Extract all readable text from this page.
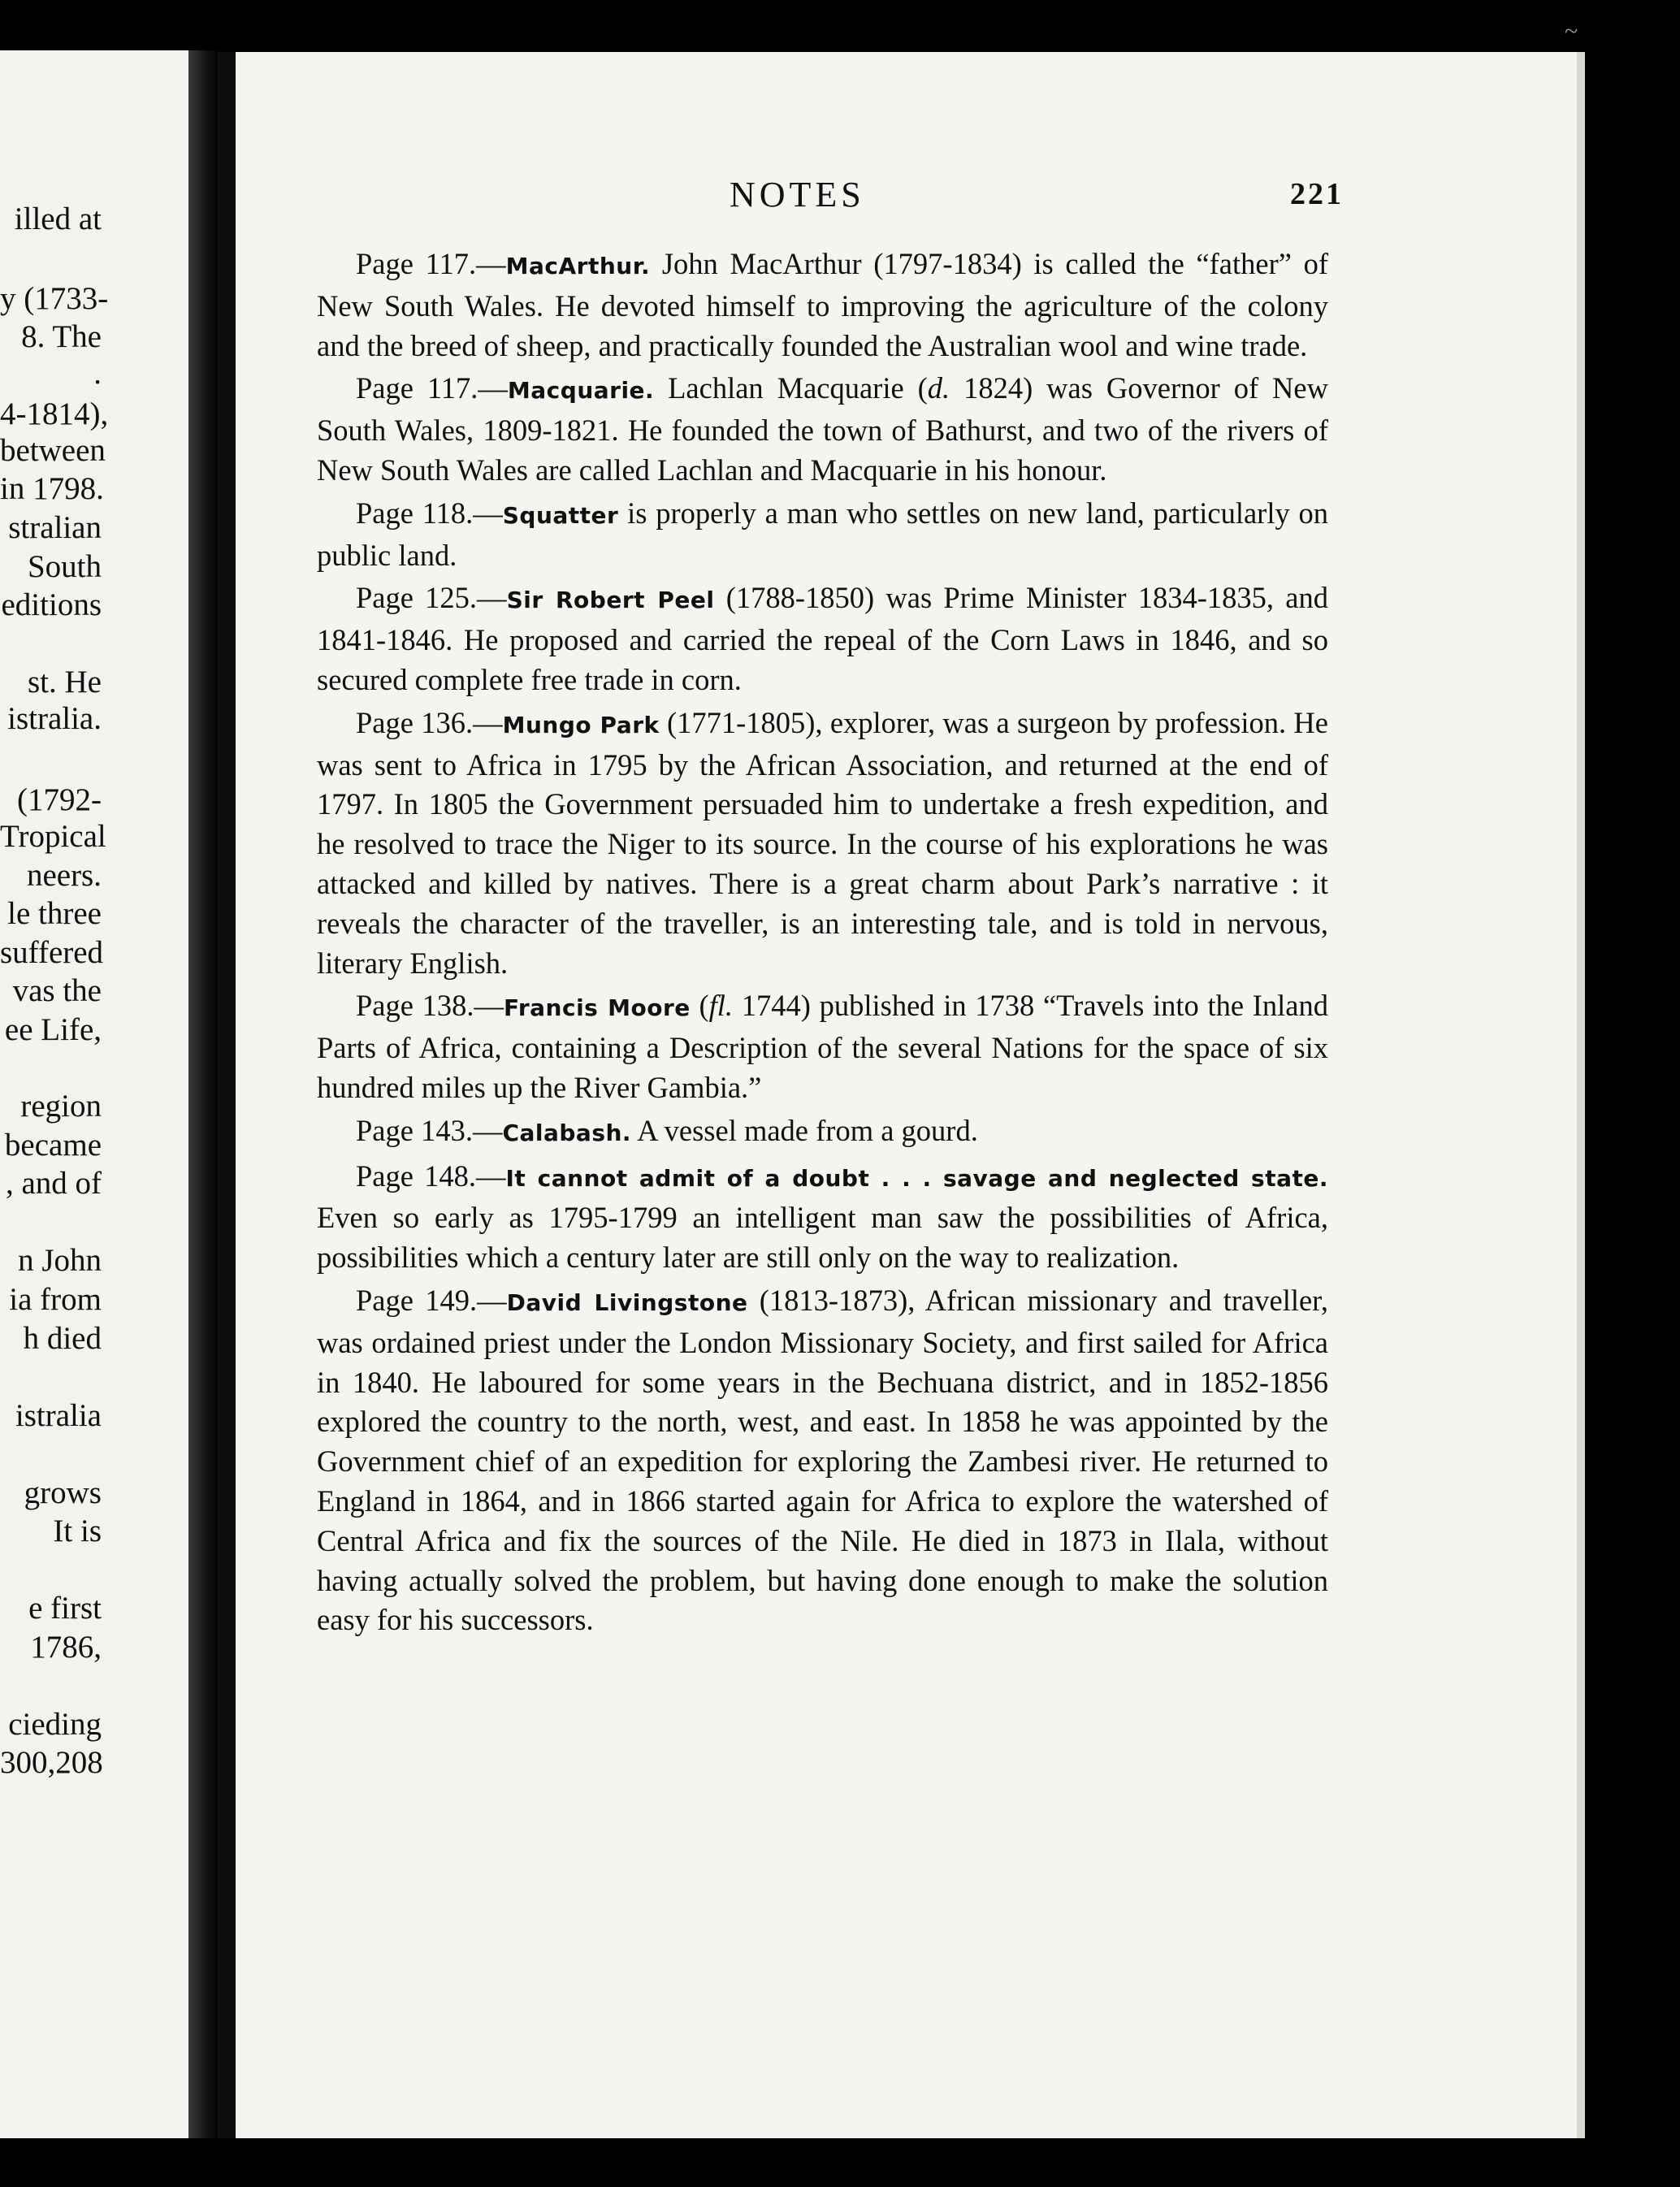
illed at
y (1733-
8. The
.
4-1814),
between
in 1798.
stralian
South
editions
st. He
istralia.
(1792-
Tropical
neers.
le three
suffered
vas the
ee Life,
region
became
, and of
n John
ia from
h died
istralia
grows
It is
e first
1786,
cieding
300,208
NOTES	221

Page 117.—MacArthur. John MacArthur (1797-1834) is called the “father” of New South Wales. He devoted himself to improving the agriculture of the colony and the breed of sheep, and practically founded the Australian wool and wine trade.

Page 117.—Macquarie. Lachlan Macquarie (d. 1824) was Governor of New South Wales, 1809-1821. He founded the town of Bathurst, and two of the rivers of New South Wales are called Lachlan and Macquarie in his honour.

Page 118.—Squatter is properly a man who settles on new land, particularly on public land.

Page 125.—Sir Robert Peel (1788-1850) was Prime Minister 1834-1835, and 1841-1846. He proposed and carried the repeal of the Corn Laws in 1846, and so secured complete free trade in corn.

Page 136.—Mungo Park (1771-1805), explorer, was a surgeon by profession. He was sent to Africa in 1795 by the African Association, and returned at the end of 1797. In 1805 the Government persuaded him to undertake a fresh expedition, and he resolved to trace the Niger to its source. In the course of his explorations he was attacked and killed by natives. There is a great charm about Park’s narrative : it reveals the character of the traveller, is an interesting tale, and is told in nervous, literary English.

Page 138.—Francis Moore (fl. 1744) published in 1738 “Travels into the Inland Parts of Africa, containing a Description of the several Nations for the space of six hundred miles up the River Gambia.”

Page 143.—Calabash. A vessel made from a gourd.

Page 148.—It cannot admit of a doubt . . . savage and neglected state. Even so early as 1795-1799 an intelligent man saw the possibilities of Africa, possibilities which a century later are still only on the way to realization.

Page 149.—David Livingstone (1813-1873), African missionary and traveller, was ordained priest under the London Missionary Society, and first sailed for Africa in 1840. He laboured for some years in the Bechuana district, and in 1852-1856 explored the country to the north, west, and east. In 1858 he was appointed by the Government chief of an expedition for exploring the Zambesi river. He returned to England in 1864, and in 1866 started again for Africa to explore the watershed of Central Africa and fix the sources of the Nile. He died in 1873 in Ilala, without having actually solved the problem, but having done enough to make the solution easy for his successors.

~
